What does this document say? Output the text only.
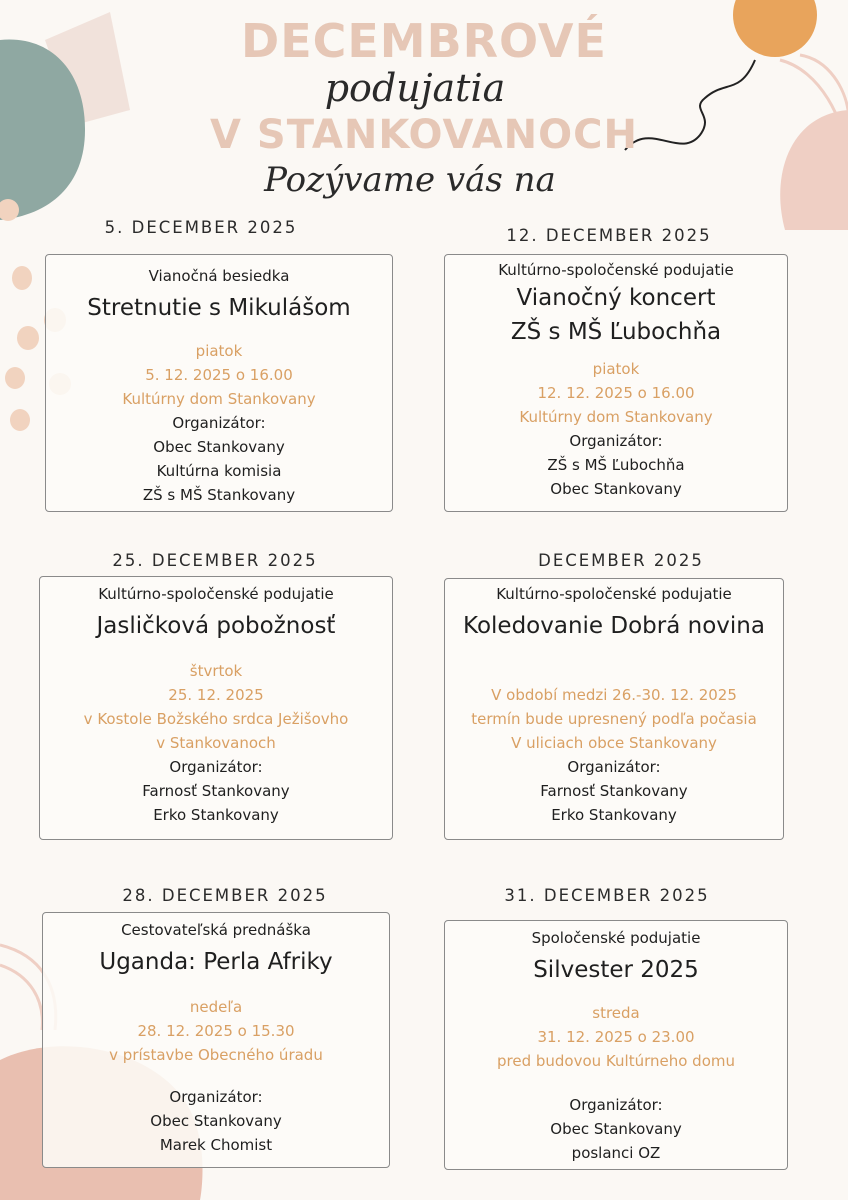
DECEMBROVÉ

podujatia

V STANKOVANOCH

Pozývame vás na

5. DECEMBER 2025	12. DECEMBER 2025

25. DECEMBER 2025	DECEMBER 2025

28. DECEMBER 2025	31. DECEMBER 2025

Vianočná besiedka
Stretnutie s Mikulášom
piatok
5. 12. 2025 o 16.00
Kultúrny dom Stankovany
Organizátor:
Obec Stankovany
Kultúrna komisia
ZŠ s MŠ Stankovany
Kultúrno-spoločenské podujatie
Vianočný koncert
ZŠ s MŠ Ľubochňa
piatok
12. 12. 2025 o 16.00
Kultúrny dom Stankovany
Organizátor:
ZŠ s MŠ Ľubochňa
Obec Stankovany
Kultúrno-spoločenské podujatie
Jasličková pobožnosť
štvrtok
25. 12. 2025
v Kostole Božského srdca Ježišovho
v Stankovanoch
Organizátor:
Farnosť Stankovany
Erko Stankovany
Kultúrno-spoločenské podujatie
Koledovanie Dobrá novina
V období medzi 26.-30. 12. 2025
termín bude upresnený podľa počasia
V uliciach obce Stankovany
Organizátor:
Farnosť Stankovany
Erko Stankovany
Cestovateľská prednáška
Uganda: Perla Afriky
nedeľa
28. 12. 2025 o 15.30
v prístavbe Obecného úradu
Organizátor:
Obec Stankovany
Marek Chomist
Spoločenské podujatie
Silvester 2025
streda
31. 12. 2025 o 23.00
pred budovou Kultúrneho domu
Organizátor:
Obec Stankovany
poslanci OZ
